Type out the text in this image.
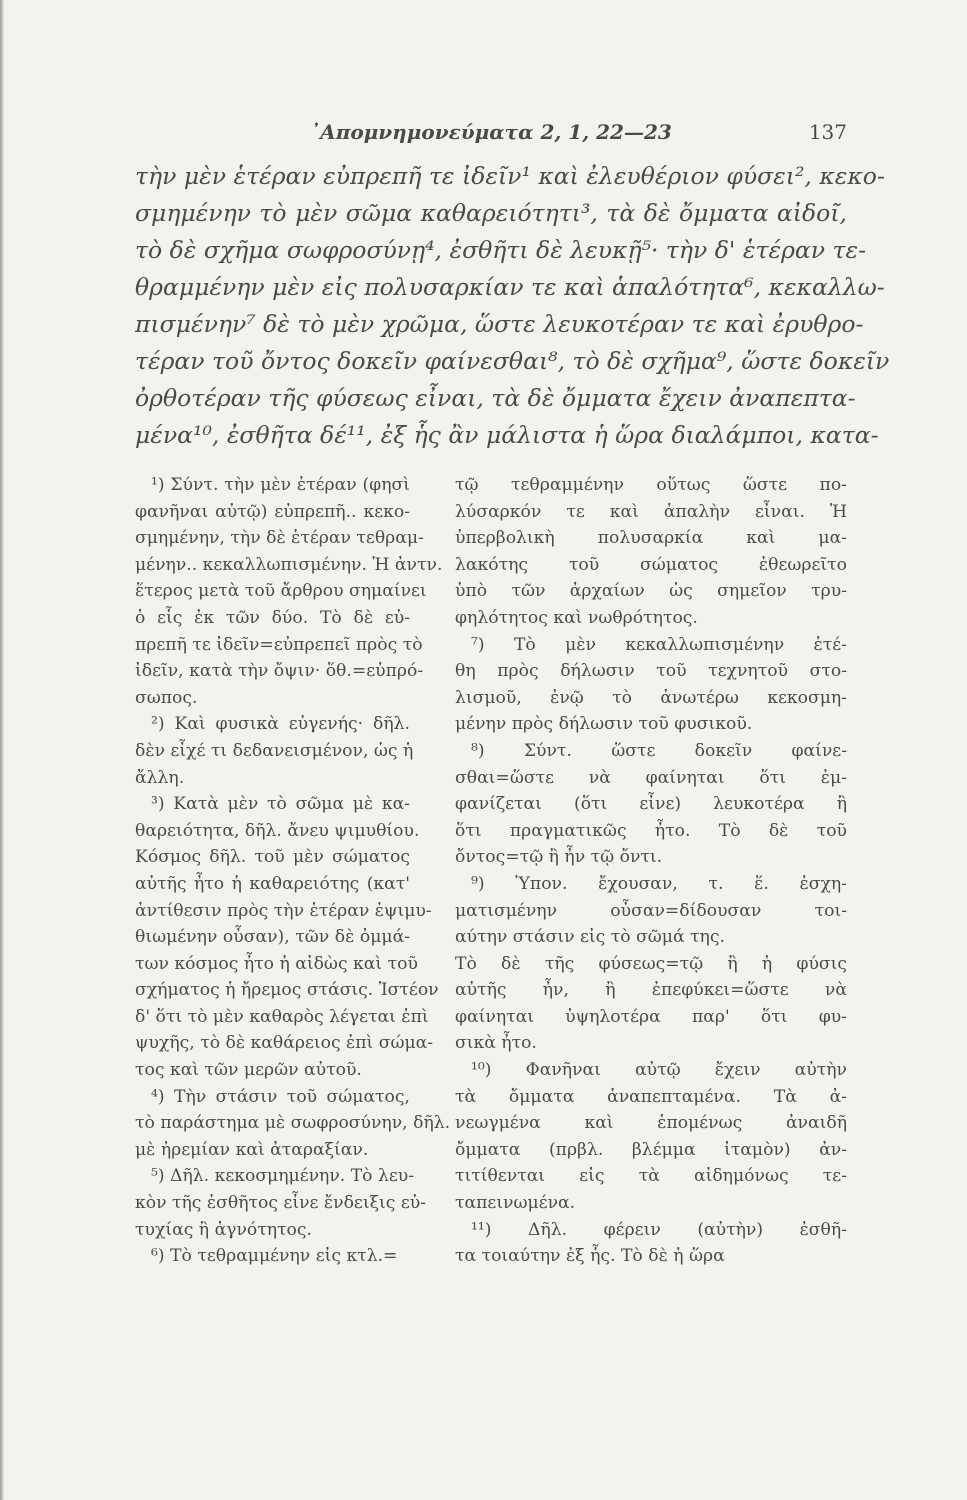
᾿Απομνημονεύματα 2, 1, 22—23	137
τὴν μὲν ἑτέραν εὐπρεπῆ τε ἰδεῖν¹ καὶ ἐλευθέριον φύσει², κεκο-
σμημένην τὸ μὲν σῶμα καθαρειότητι³, τὰ δὲ ὄμματα αἰδοῖ,
τὸ δὲ σχῆμα σωφροσύνῃ⁴, ἐσθῆτι δὲ λευκῇ⁵· τὴν δ' ἑτέραν τε-
θραμμένην μὲν εἰς πολυσαρκίαν τε καὶ ἁπαλότητα⁶, κεκαλλω-
πισμένην⁷ δὲ τὸ μὲν χρῶμα, ὥστε λευκοτέραν τε καὶ ἐρυθρο-
τέραν τοῦ ὄντος δοκεῖν φαίνεσθαι⁸, τὸ δὲ σχῆμα⁹, ὥστε δοκεῖν
ὀρθοτέραν τῆς φύσεως εἶναι, τὰ δὲ ὄμματα ἔχειν ἀναπεπτα-
μένα¹⁰, ἐσθῆτα δέ¹¹, ἐξ ἧς ἂν μάλιστα ἡ ὥρα διαλάμποι, κατα-
¹) Σύντ. τὴν μὲν ἑτέραν (φησὶ
φανῆναι αὐτῷ) εὐπρεπῆ.. κεκο-
σμημένην, τὴν δὲ ἑτέραν τεθραμ-
μένην.. κεκαλλωπισμένην. Ἡ ἀντν.
ἕτερος μετὰ τοῦ ἄρθρου σημαίνει
ὁ εἷς ἐκ τῶν δύο. Τὸ δὲ εὐ-
πρεπῆ τε ἰδεῖν=εὐπρεπεῖ πρὸς τὸ
ἰδεῖν, κατὰ τὴν ὄψιν· ὅθ.=εὐπρό-
σωπος.
²) Καὶ φυσικὰ εὐγενής· δῆλ.
δὲν εἶχέ τι δεδανεισμένον, ὡς ἡ
ἄλλη.
³) Κατὰ μὲν τὸ σῶμα μὲ κα-
θαρειότητα, δῆλ. ἄνευ ψιμυθίου.
Κόσμος δῆλ. τοῦ μὲν σώματος
αὐτῆς ἦτο ἡ καθαρειότης (κατ'
ἀντίθεσιν πρὸς τὴν ἑτέραν ἐψιμυ-
θιωμένην οὖσαν), τῶν δὲ ὀμμά-
των κόσμος ἦτο ἡ αἰδὼς καὶ τοῦ
σχήματος ἡ ἤρεμος στάσις. Ἰστέον
δ' ὅτι τὸ μὲν καθαρὸς λέγεται ἐπὶ
ψυχῆς, τὸ δὲ καθάρειος ἐπὶ σώμα-
τος καὶ τῶν μερῶν αὐτοῦ.
⁴) Τὴν στάσιν τοῦ σώματος,
τὸ παράστημα μὲ σωφροσύνην, δῆλ.
μὲ ἠρεμίαν καὶ ἀταραξίαν.
⁵) Δῆλ. κεκοσμημένην. Τὸ λευ-
κὸν τῆς ἐσθῆτος εἶνε ἔνδειξις εὐ-
τυχίας ἢ ἁγνότητος.
⁶) Τὸ τεθραμμένην εἰς κτλ.=
τῷ τεθραμμένην οὕτως ὥστε πο-
λύσαρκόν τε καὶ ἁπαλὴν εἶναι. Ἡ
ὑπερβολικὴ πολυσαρκία καὶ μα-
λακότης τοῦ σώματος ἐθεωρεῖτο
ὑπὸ τῶν ἀρχαίων ὡς σημεῖον τρυ-
φηλότητος καὶ νωθρότητος.
⁷) Τὸ μὲν κεκαλλωπισμένην ἐτέ-
θη πρὸς δήλωσιν τοῦ τεχνητοῦ στο-
λισμοῦ, ἐνῷ τὸ ἀνωτέρω κεκοσμη-
μένην πρὸς δήλωσιν τοῦ φυσικοῦ.
⁸) Σύντ. ὥστε δοκεῖν φαίνε-
σθαι=ὥστε νὰ φαίνηται ὅτι ἐμ-
φανίζεται (ὅτι εἶνε) λευκοτέρα ἢ
ὅτι πραγματικῶς ἦτο. Τὸ δὲ τοῦ
ὄντος=τῷ ἢ ἦν τῷ ὄντι.
⁹) Ὑπον. ἔχουσαν, τ. ἕ. ἐσχη-
ματισμένην οὖσαν=δίδουσαν τοι-
αύτην στάσιν εἰς τὸ σῶμά της.
Τὸ δὲ τῆς φύσεως=τῷ ἢ ἡ φύσις
αὐτῆς ἦν, ἢ ἐπεφύκει=ὥστε νὰ
φαίνηται ὑψηλοτέρα παρ' ὅτι φυ-
σικὰ ἦτο.
¹⁰) Φανῆναι αὐτῷ ἔχειν αὐτὴν
τὰ ὄμματα ἀναπεπταμένα. Τὰ ἀ-
νεωγμένα καὶ ἑπομένως ἀναιδῆ
ὄμματα (πρβλ. βλέμμα ἰταμὸν) ἀν-
τιτίθενται εἰς τὰ αἰδημόνως τε-
ταπεινωμένα.
¹¹) Δῆλ. φέρειν (αὐτὴν) ἐσθῆ-
τα τοιαύτην ἐξ ἧς. Τὸ δὲ ἡ ὥρα
